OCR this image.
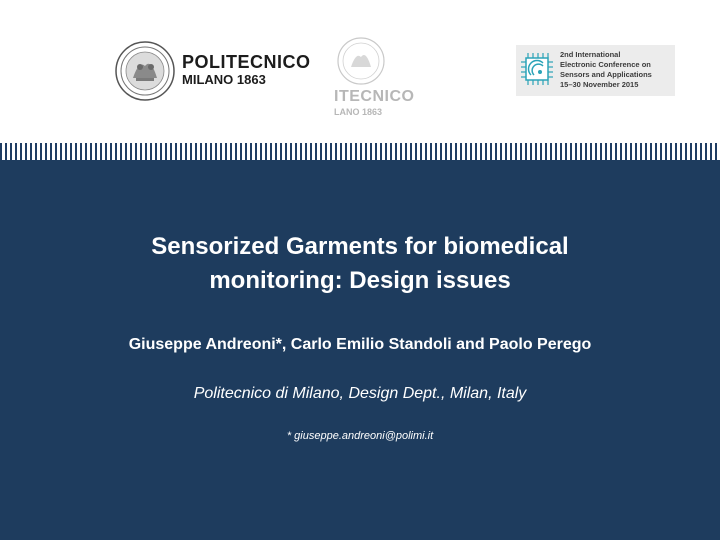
POLITECNICO
MILANO 1863
ITECNICO
LANO 1863
2nd International
Electronic Conference on
Sensors and Applications
15–30 November 2015
Sensorized Garments for biomedical
monitoring: Design issues
Giuseppe Andreoni*, Carlo Emilio Standoli and Paolo Perego
Politecnico di Milano, Design Dept., Milan, Italy
* giuseppe.andreoni@polimi.it
